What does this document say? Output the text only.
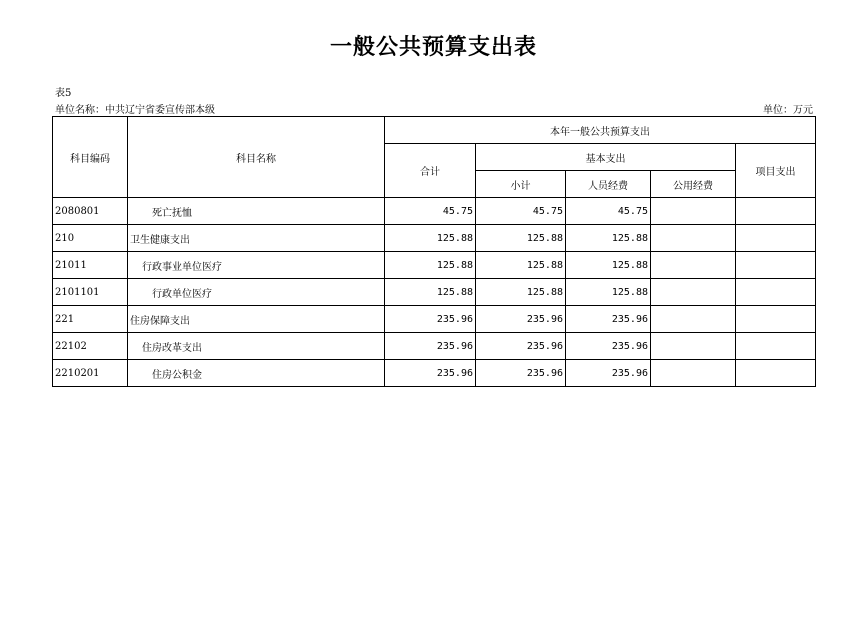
一般公共预算支出表
表5
单位名称：中共辽宁省委宣传部本级	单位：万元
科目编码	科目名称	本年一般公共预算支出				
		合计	基本支出			项目支出
			小计	人员经费	公用经费	
2080801	死亡抚恤	45.75	45.75	45.75		
210	卫生健康支出	125.88	125.88	125.88		
21011	行政事业单位医疗	125.88	125.88	125.88		
2101101	行政单位医疗	125.88	125.88	125.88		
221	住房保障支出	235.96	235.96	235.96		
22102	住房改革支出	235.96	235.96	235.96		
2210201	住房公积金	235.96	235.96	235.96		
